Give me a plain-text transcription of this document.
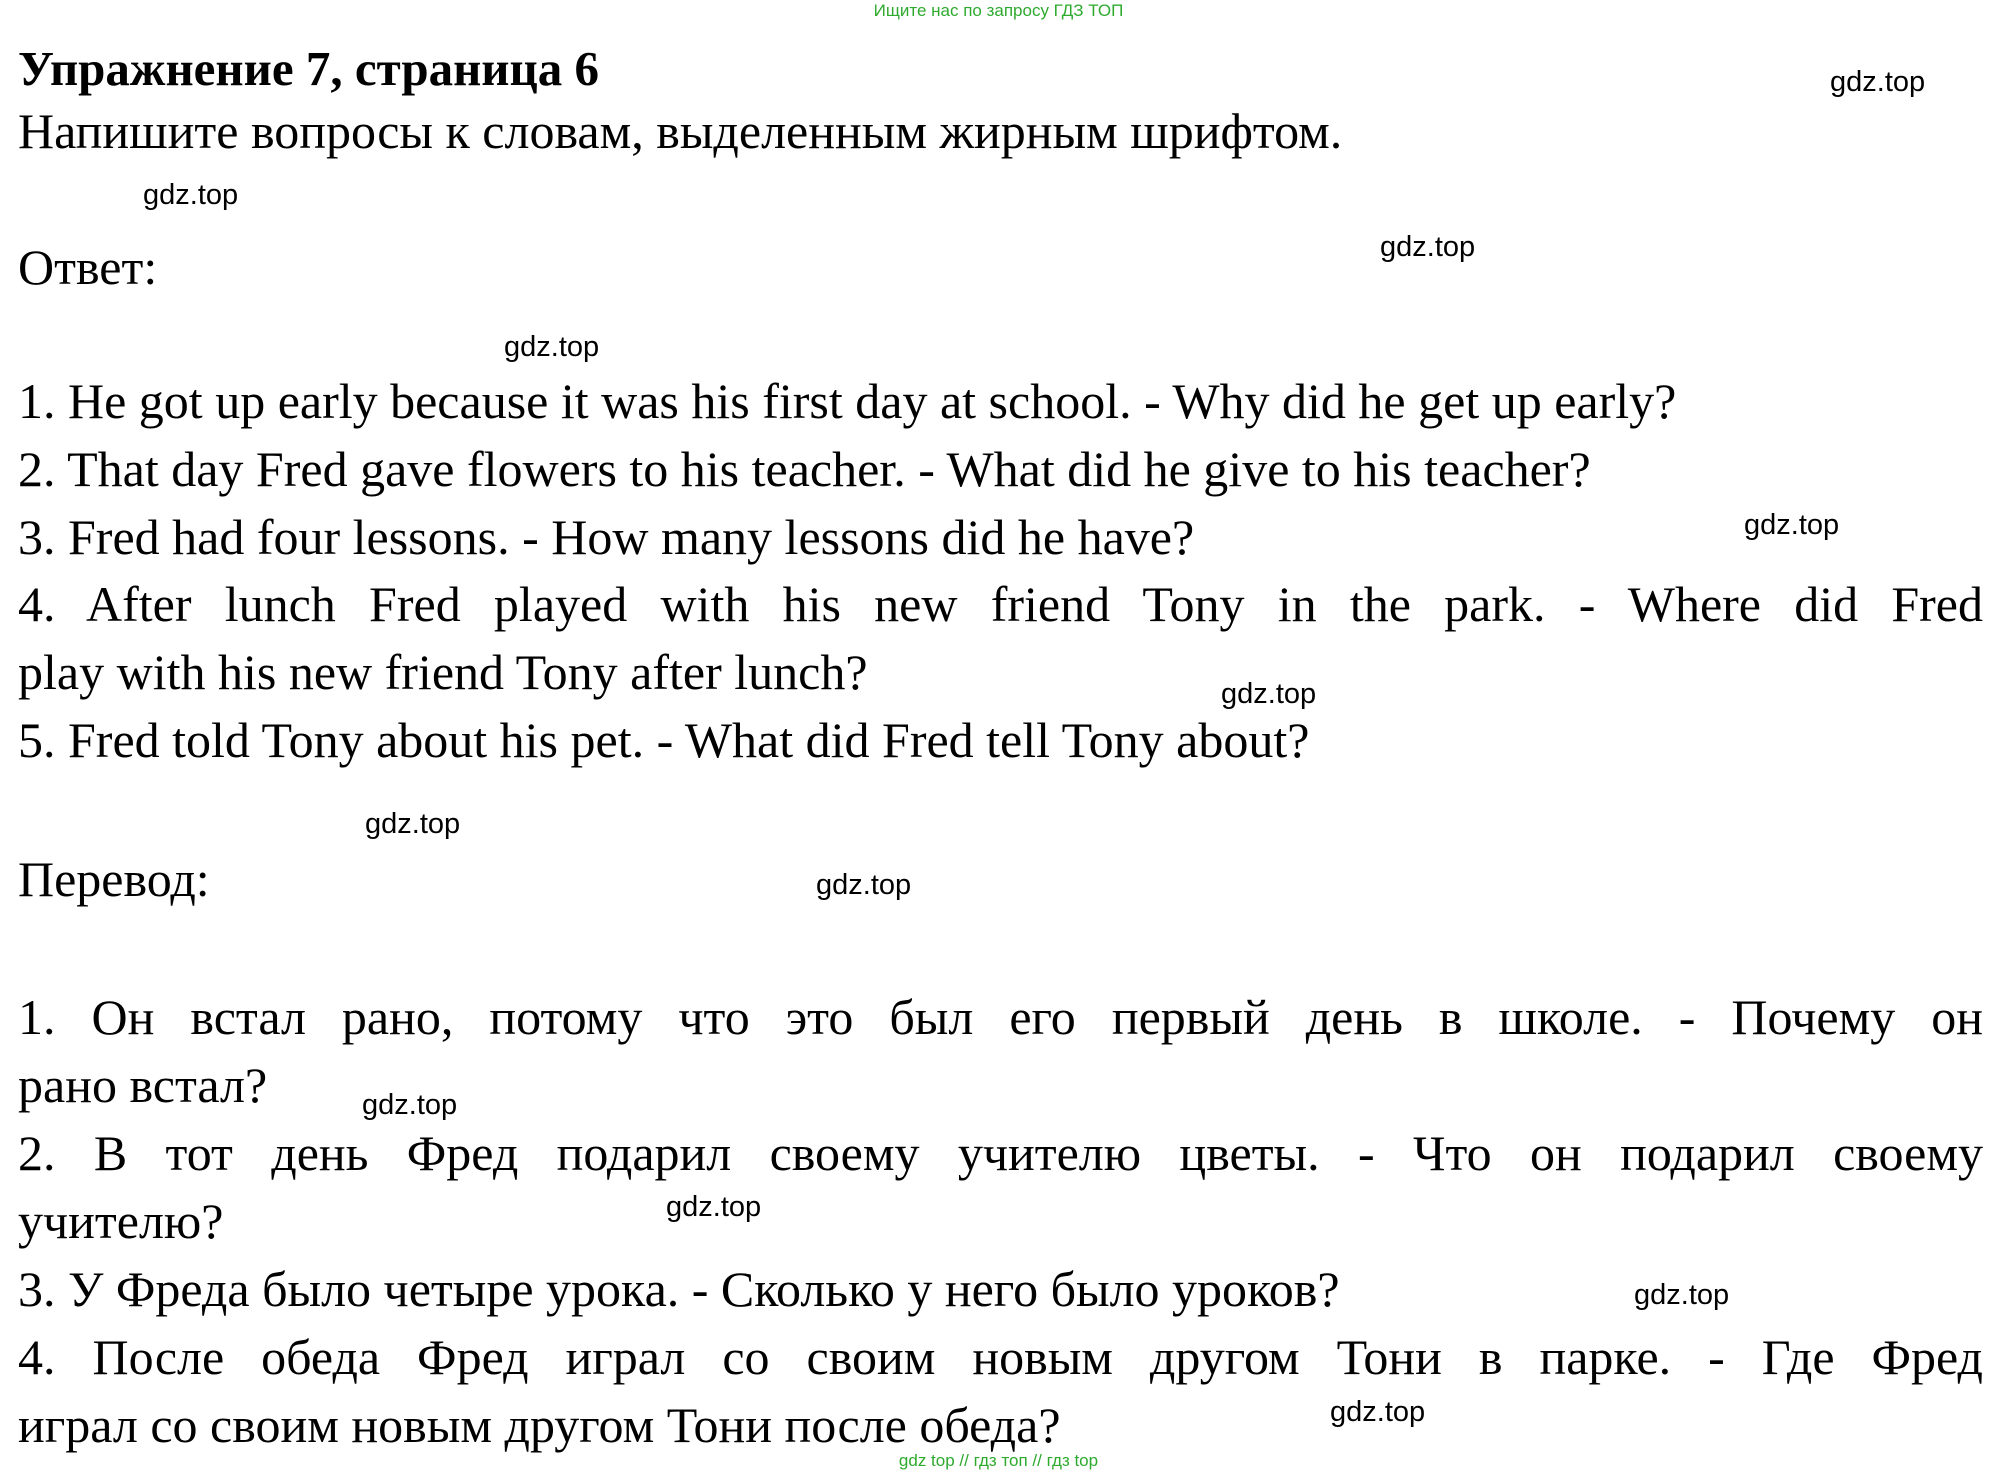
Ищите нас по запросу ГДЗ ТОП
Упражнение 7, страница 6
Напишите вопросы к словам, выделенным жирным шрифтом.
Ответ:
1. He got up early because it was his first day at school. - Why did he get up early?
2. That day Fred gave flowers to his teacher. - What did he give to his teacher?
3. Fred had four lessons. - How many lessons did he have?
4. After lunch Fred played with his new friend Tony in the park. - Where did Fred
play with his new friend Tony after lunch?
5. Fred told Tony about his pet. - What did Fred tell Tony about?
Перевод:
1. Он встал рано, потому что это был его первый день в школе. - Почему он
рано встал?
2. В тот день Фред подарил своему учителю цветы. - Что он подарил своему
учителю?
3. У Фреда было четыре урока. - Сколько у него было уроков?
4. После обеда Фред играл со своим новым другом Тони в парке. - Где Фред
играл со своим новым другом Тони после обеда?
gdz.top
gdz.top
gdz.top
gdz.top
gdz.top
gdz.top
gdz.top
gdz.top
gdz.top
gdz.top
gdz.top
gdz.top
gdz top // гдз топ // гдз top
